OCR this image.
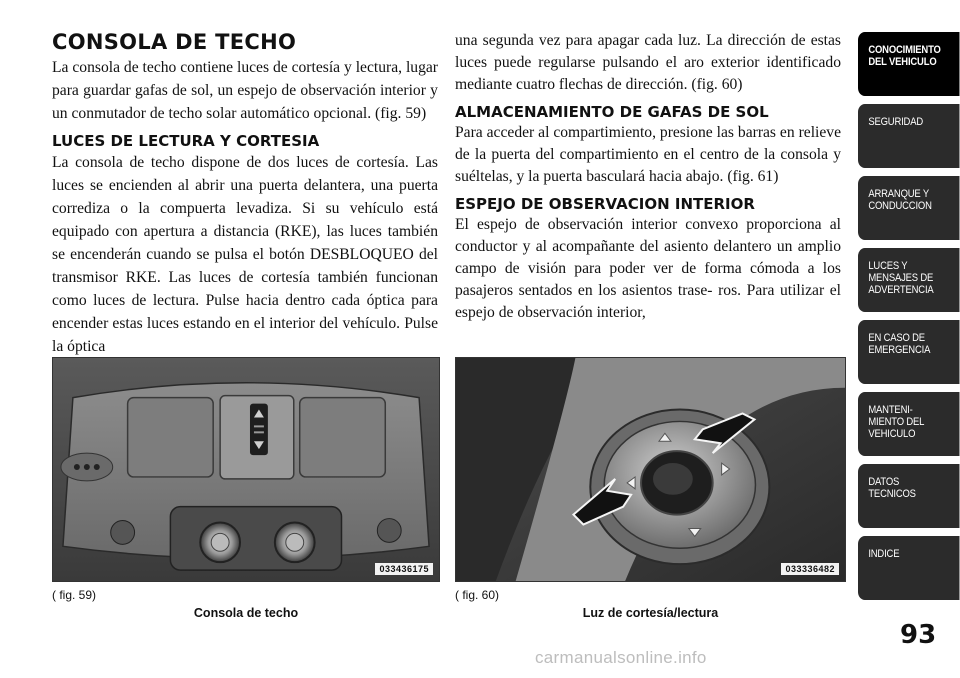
CONSOLA DE TECHO
La consola de techo contiene luces de cortesía y lectura, lugar para guardar gafas de sol, un espejo de observación interior y un conmutador de techo solar automático opcional. (fig. 59)
LUCES DE LECTURA Y CORTESIA
La consola de techo dispone de dos luces de cortesía. Las luces se encienden al abrir una puerta delantera, una puerta corrediza o la compuerta levadiza. Si su vehículo está equipado con apertura a distancia (RKE), las luces también se encenderán cuando se pulsa el botón DESBLOQUEO del transmisor RKE. Las luces de cortesía también funcionan como luces de lectura. Pulse hacia dentro cada óptica para encender estas luces estando en el interior del vehículo. Pulse la óptica
una segunda vez para apagar cada luz. La dirección de estas luces puede regularse pulsando el aro exterior identificado mediante cuatro flechas de dirección. (fig. 60)
ALMACENAMIENTO DE GAFAS DE SOL
Para acceder al compartimiento, presione las barras en relieve de la puerta del compartimiento en el centro de la consola y suéltelas, y la puerta basculará hacia abajo. (fig. 61)
ESPEJO DE OBSERVACION INTERIOR
El espejo de observación interior convexo proporciona al conductor y al acompañante del asiento delantero un amplio campo de visión para poder ver de forma cómoda a los pasajeros sentados en los asientos trase- ros. Para utilizar el espejo de observación interior,
033436175	033336482
( fig. 59)
Consola de techo
( fig. 60)
Luz de cortesía/lectura
CONOCIMIENTO
DEL VEHICULO
SEGURIDAD
ARRANQUE Y
CONDUCCION
LUCES Y
MENSAJES DE
ADVERTENCIA
EN CASO DE
EMERGENCIA
MANTENI-
MIENTO DEL
VEHICULO
DATOS
TECNICOS
INDICE
93
carmanualsonline.info
